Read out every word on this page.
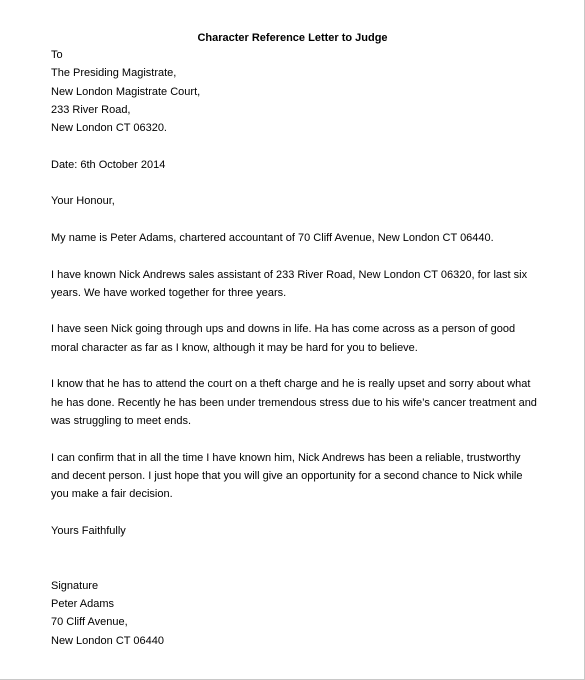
Character Reference Letter to Judge
To
The Presiding Magistrate,
New London Magistrate Court,
233 River Road,
New London CT 06320.
Date: 6th October 2014
Your Honour,
My name is Peter Adams, chartered accountant of 70 Cliff Avenue, New London CT 06440.
I have known Nick Andrews sales assistant of 233 River Road, New London CT 06320, for last six years. We have worked together for three years.
I have seen Nick going through ups and downs in life. Ha has come across as a person of good moral character as far as I know, although it may be hard for you to believe.
I know that he has to attend the court on a theft charge and he is really upset and sorry about what he has done. Recently he has been under tremendous stress due to his wife’s cancer treatment and was struggling to meet ends.
I can confirm that in all the time I have known him, Nick Andrews has been a reliable, trustworthy and decent person. I just hope that you will give an opportunity for a second chance to Nick while you make a fair decision.
Yours Faithfully
Signature
Peter Adams
70 Cliff Avenue,
New London CT 06440
